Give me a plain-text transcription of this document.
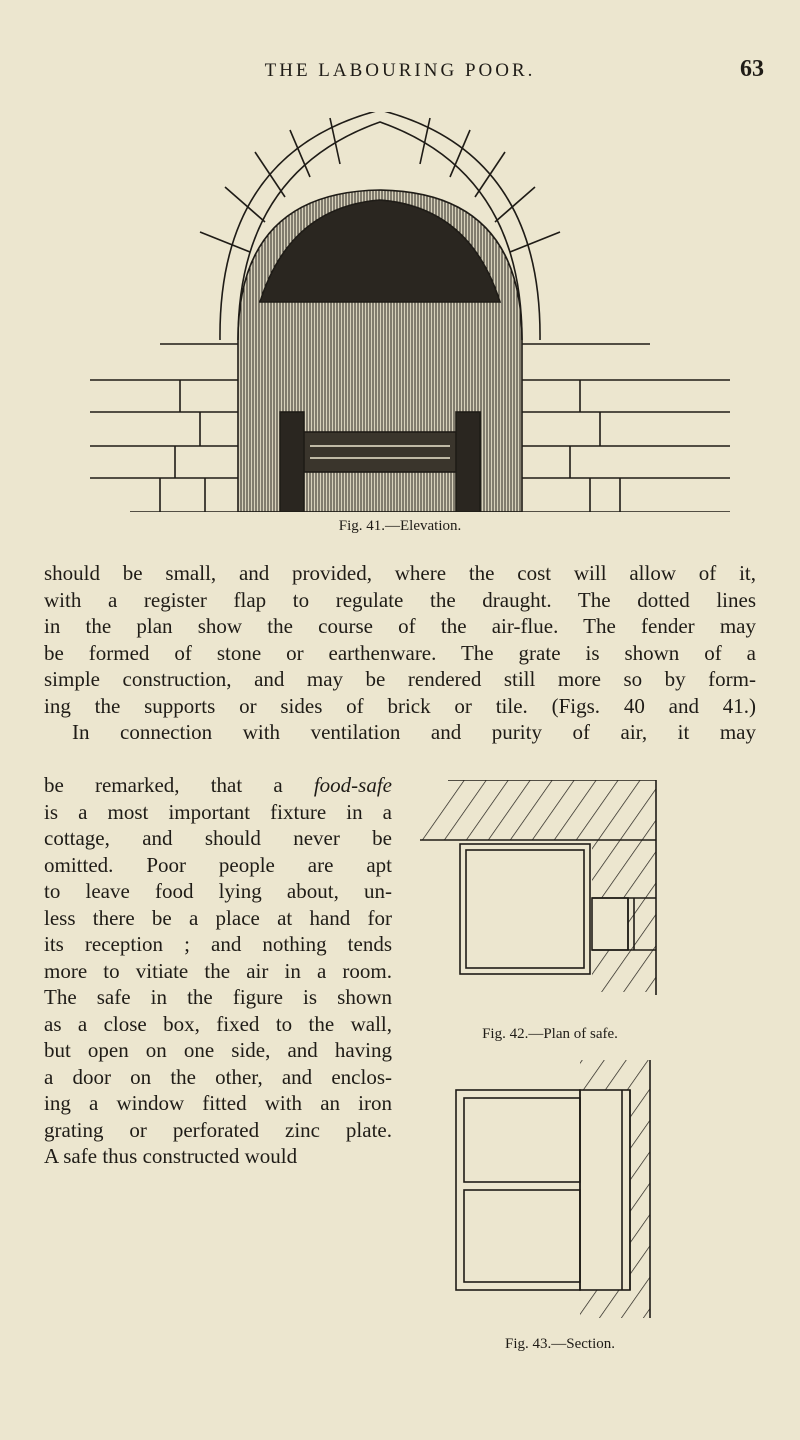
THE LABOURING POOR.	63
Fig. 41.—Elevation.
should be small, and provided, where the cost will allow of it,
with a register flap to regulate the draught. The dotted lines
in the plan show the course of the air-flue. The fender may
be formed of stone or earthenware. The grate is shown of a
simple construction, and may be rendered still more so by form-
ing the supports or sides of brick or tile. (Figs. 40 and 41.)
In connection with ventilation and purity of air, it may
be remarked, that a food-safe
is a most important fixture in a
cottage, and should never be
omitted. Poor people are apt
to leave food lying about, un-
less there be a place at hand for
its reception ; and nothing tends
more to vitiate the air in a room.
The safe in the figure is shown
as a close box, fixed to the wall,
but open on one side, and having
a door on the other, and enclos-
ing a window fitted with an iron
grating or perforated zinc plate.
A safe thus constructed would
Fig. 42.—Plan of safe.
Fig. 43.—Section.
